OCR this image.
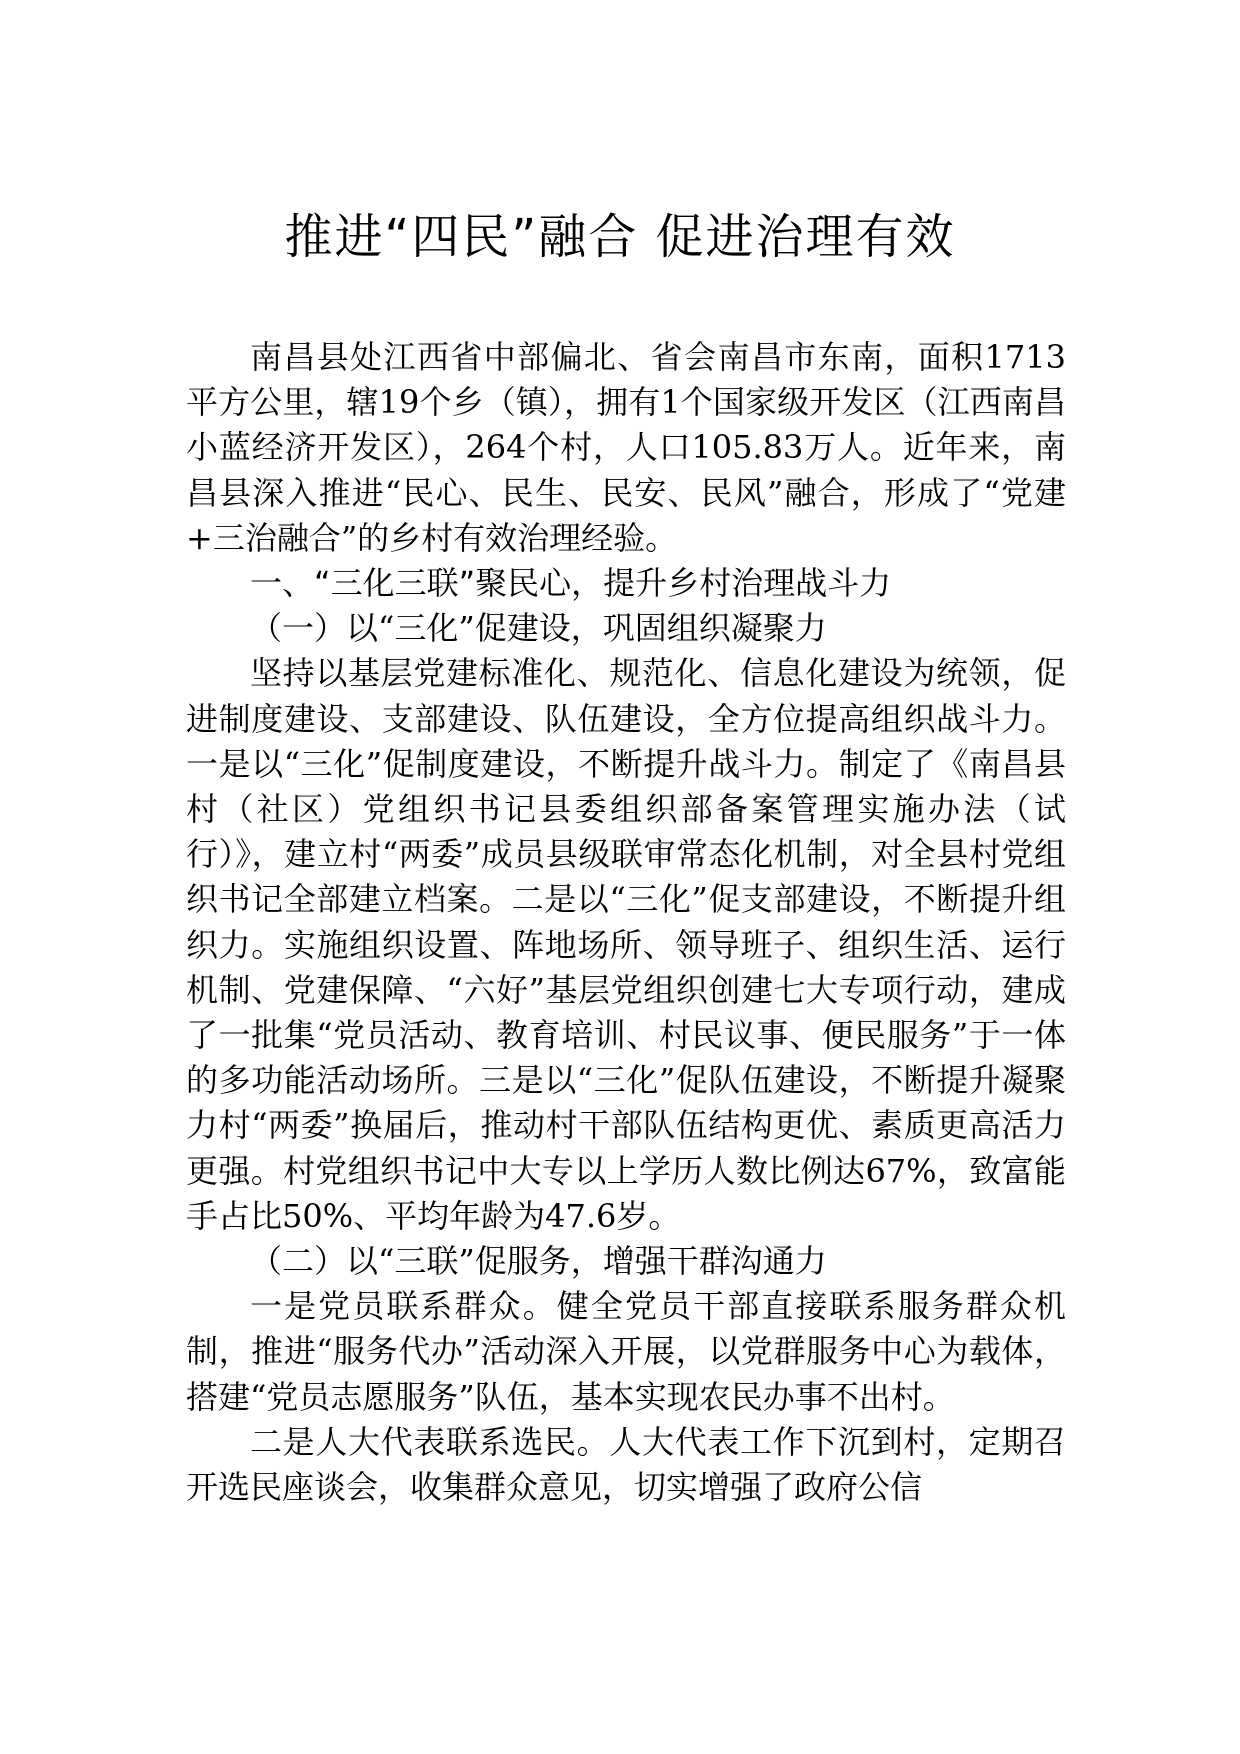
推进“四民”融合 促进治理有效

南昌县处江西省中部偏北、省会南昌市东南，面积1713平方公里，辖19个乡（镇），拥有1个国家级开发区（江西南昌小蓝经济开发区），264个村，人口105.83万人。近年来，南昌县深入推进“民心、民生、民安、民风”融合，形成了“党建+三治融合”的乡村有效治理经验。

一、“三化三联”聚民心，提升乡村治理战斗力

（一）以“三化”促建设，巩固组织凝聚力

坚持以基层党建标准化、规范化、信息化建设为统领，促进制度建设、支部建设、队伍建设，全方位提高组织战斗力。一是以“三化”促制度建设，不断提升战斗力。制定了《南昌县村（社区）党组织书记县委组织部备案管理实施办法（试行）》，建立村“两委”成员县级联审常态化机制，对全县村党组织书记全部建立档案。二是以“三化”促支部建设，不断提升组织力。实施组织设置、阵地场所、领导班子、组织生活、运行机制、党建保障、“六好”基层党组织创建七大专项行动，建成了一批集“党员活动、教育培训、村民议事、便民服务”于一体的多功能活动场所。三是以“三化”促队伍建设，不断提升凝聚力村“两委”换届后，推动村干部队伍结构更优、素质更高活力更强。村党组织书记中大专以上学历人数比例达67%，致富能手占比50%、平均年龄为47.6岁。

（二）以“三联”促服务，增强干群沟通力

一是党员联系群众。健全党员干部直接联系服务群众机制，推进“服务代办”活动深入开展，以党群服务中心为载体，搭建“党员志愿服务”队伍，基本实现农民办事不出村。

二是人大代表联系选民。人大代表工作下沉到村，定期召开选民座谈会，收集群众意见，切实增强了政府公信
